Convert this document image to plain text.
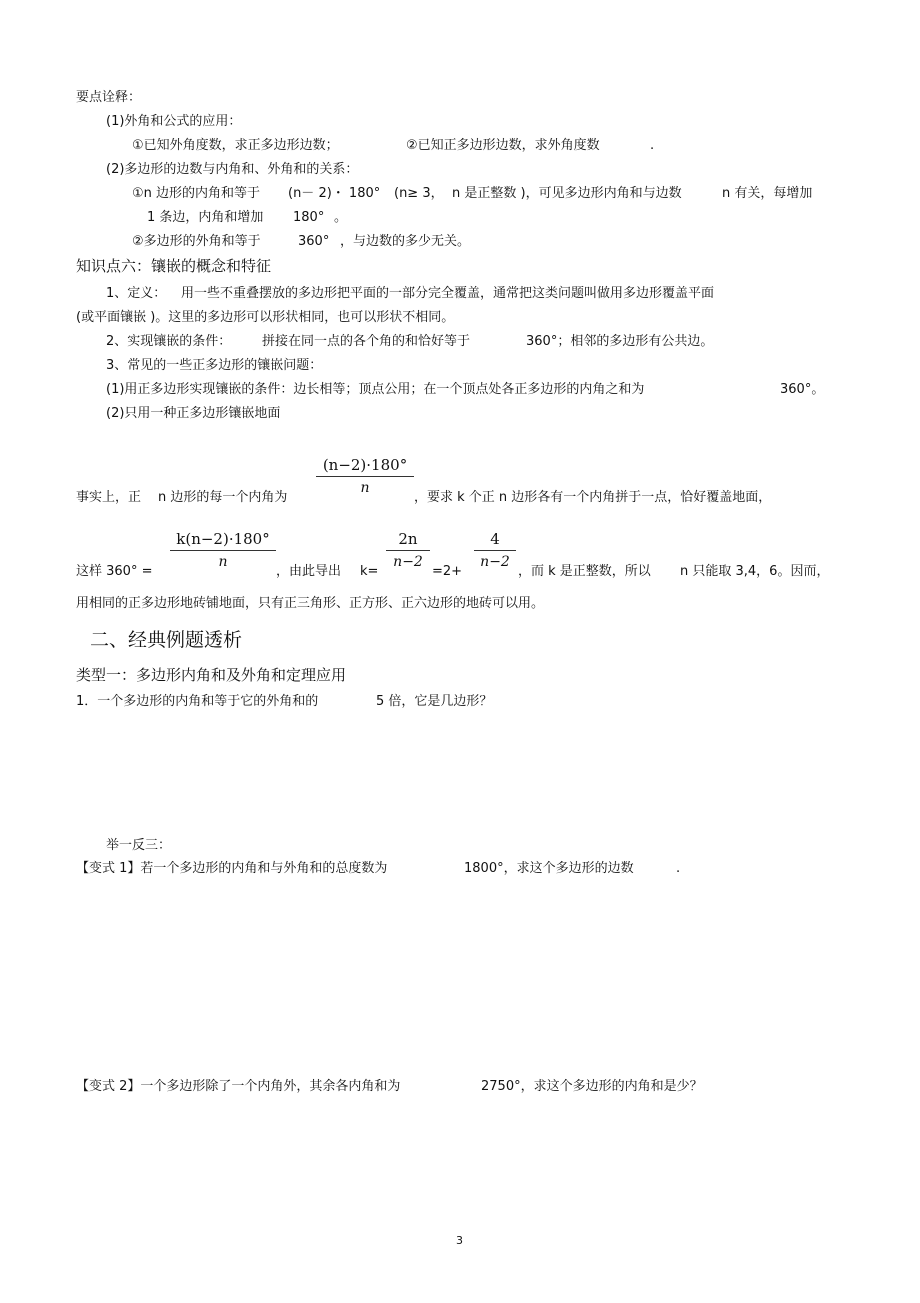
要点诠释：
(1)外角和公式的应用：
①已知外角度数，求正多边形边数；	②已知正多边形边数，求外角度数	.
(2)多边形的边数与内角和、外角和的关系：
①n 边形的内角和等于 (n－ 2)・ 180° (n≥ 3， n 是正整数 )，可见多边形内角和与边数	n 有关，每增加
1 条边，内角和增加 180° 。
②多边形的外角和等于	360° ，与边数的多少无关。
知识点六：镶嵌的概念和特征
1、定义： 用一些不重叠摆放的多边形把平面的一部分完全覆盖，通常把这类问题叫做用多边形覆盖平面
(或平面镶嵌 )。这里的多边形可以形状相同，也可以形状不相同。
2、实现镶嵌的条件： 拼接在同一点的各个角的和恰好等于	360°；相邻的多边形有公共边。
3、常见的一些正多边形的镶嵌问题：
(1)用正多边形实现镶嵌的条件：边长相等；顶点公用；在一个顶点处各正多边形的内角之和为	360°。
(2)只用一种正多边形镶嵌地面
(n−2)·180°
n
事实上，正 n 边形的每一个内角为	，要求 k 个正 n 边形各有一个内角拼于一点，恰好覆盖地面，
k(n−2)·180°
n
2n
n−2
4
n−2
这样 360° =	，由此导出 k=	=2+	，而 k 是正整数，所以 n 只能取 3,4，6。因而，
用相同的正多边形地砖铺地面，只有正三角形、正方形、正六边形的地砖可以用。
二、经典例题透析
类型一：多边形内角和及外角和定理应用
1．一个多边形的内角和等于它的外角和的	5 倍，它是几边形？
举一反三：
【变式 1】若一个多边形的内角和与外角和的总度数为	1800°，求这个多边形的边数	.
【变式 2】一个多边形除了一个内角外，其余各内角和为	2750°，求这个多边形的内角和是少？
3
